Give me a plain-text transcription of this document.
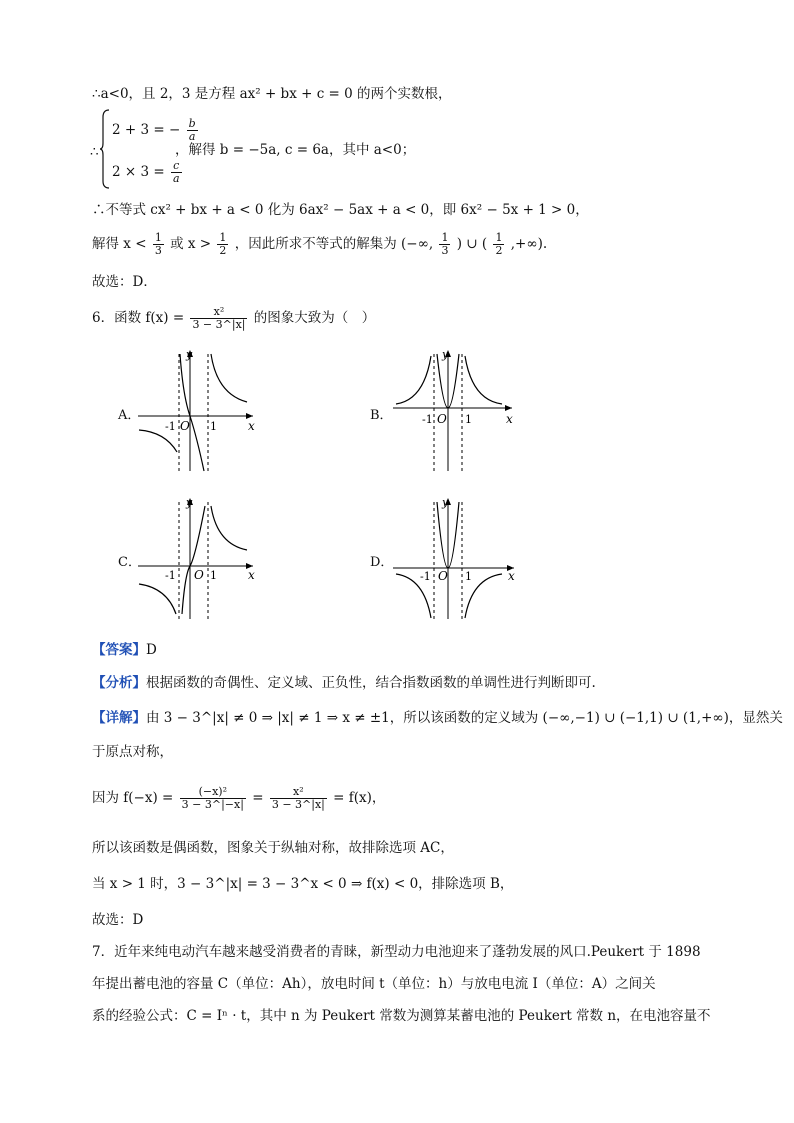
∴a<0，且 2，3 是方程 ax² + bx + c = 0 的两个实数根，
∴
2 + 3 = − $\frac{b}{a}$
$2 \times 3 = \frac{c}{a}$
，解得 b = −5a, c = 6a，其中 a<0；
∴不等式 cx² + bx + a < 0 化为 6ax² − 5ax + a < 0，即 6x² − 5x + 1 > 0，
解得 $x < \frac{1}{3}$ 或 $x > \frac{1}{2}$ ，因此所求不等式的解集为 (−∞, $\frac{1}{3}$ ) ∪ ( $\frac{1}{2}$ ,+∞).
故选：D．
6．函数 $f(x) = \frac{\text{x²}}{3 - 3\^{}|x|}$ 的图象大致为（　）
A．
y
x
O
-1	1
B．
y
x
O
-1	1
C．
y
x
O
-1	1
D．
y
x
O
-1	1
【答案】D
【分析】根据函数的奇偶性、定义域、正负性，结合指数函数的单调性进行判断即可.
【详解】由 3 − 3^|x| ≠ 0 ⇒ |x| ≠ 1 ⇒ x ≠ ±1，所以该函数的定义域为 (−∞,−1) ∪ (−1,1) ∪ (1,+∞)，显然关
于原点对称，
因为 $f(-x) = \frac{\text{(−x)²}}{3 - 3\^{}|-x|} = \frac{\text{x²}}{3 - 3\^{}|x|} = f(x)$，
所以该函数是偶函数，图象关于纵轴对称，故排除选项 AC，
当 x > 1 时，3 − 3^|x| = 3 − 3^x < 0 ⇒ f(x) < 0，排除选项 B，
故选：D
7．近年来纯电动汽车越来越受消费者的青睐，新型动力电池迎来了蓬勃发展的风口.Peukert 于 1898
年提出蓄电池的容量 C（单位：Ah），放电时间 t（单位：h）与放电电流 I（单位：A）之间关
系的经验公式：C = Iⁿ · t，其中 n 为 Peukert 常数为测算某蓄电池的 Peukert 常数 n，在电池容量不
